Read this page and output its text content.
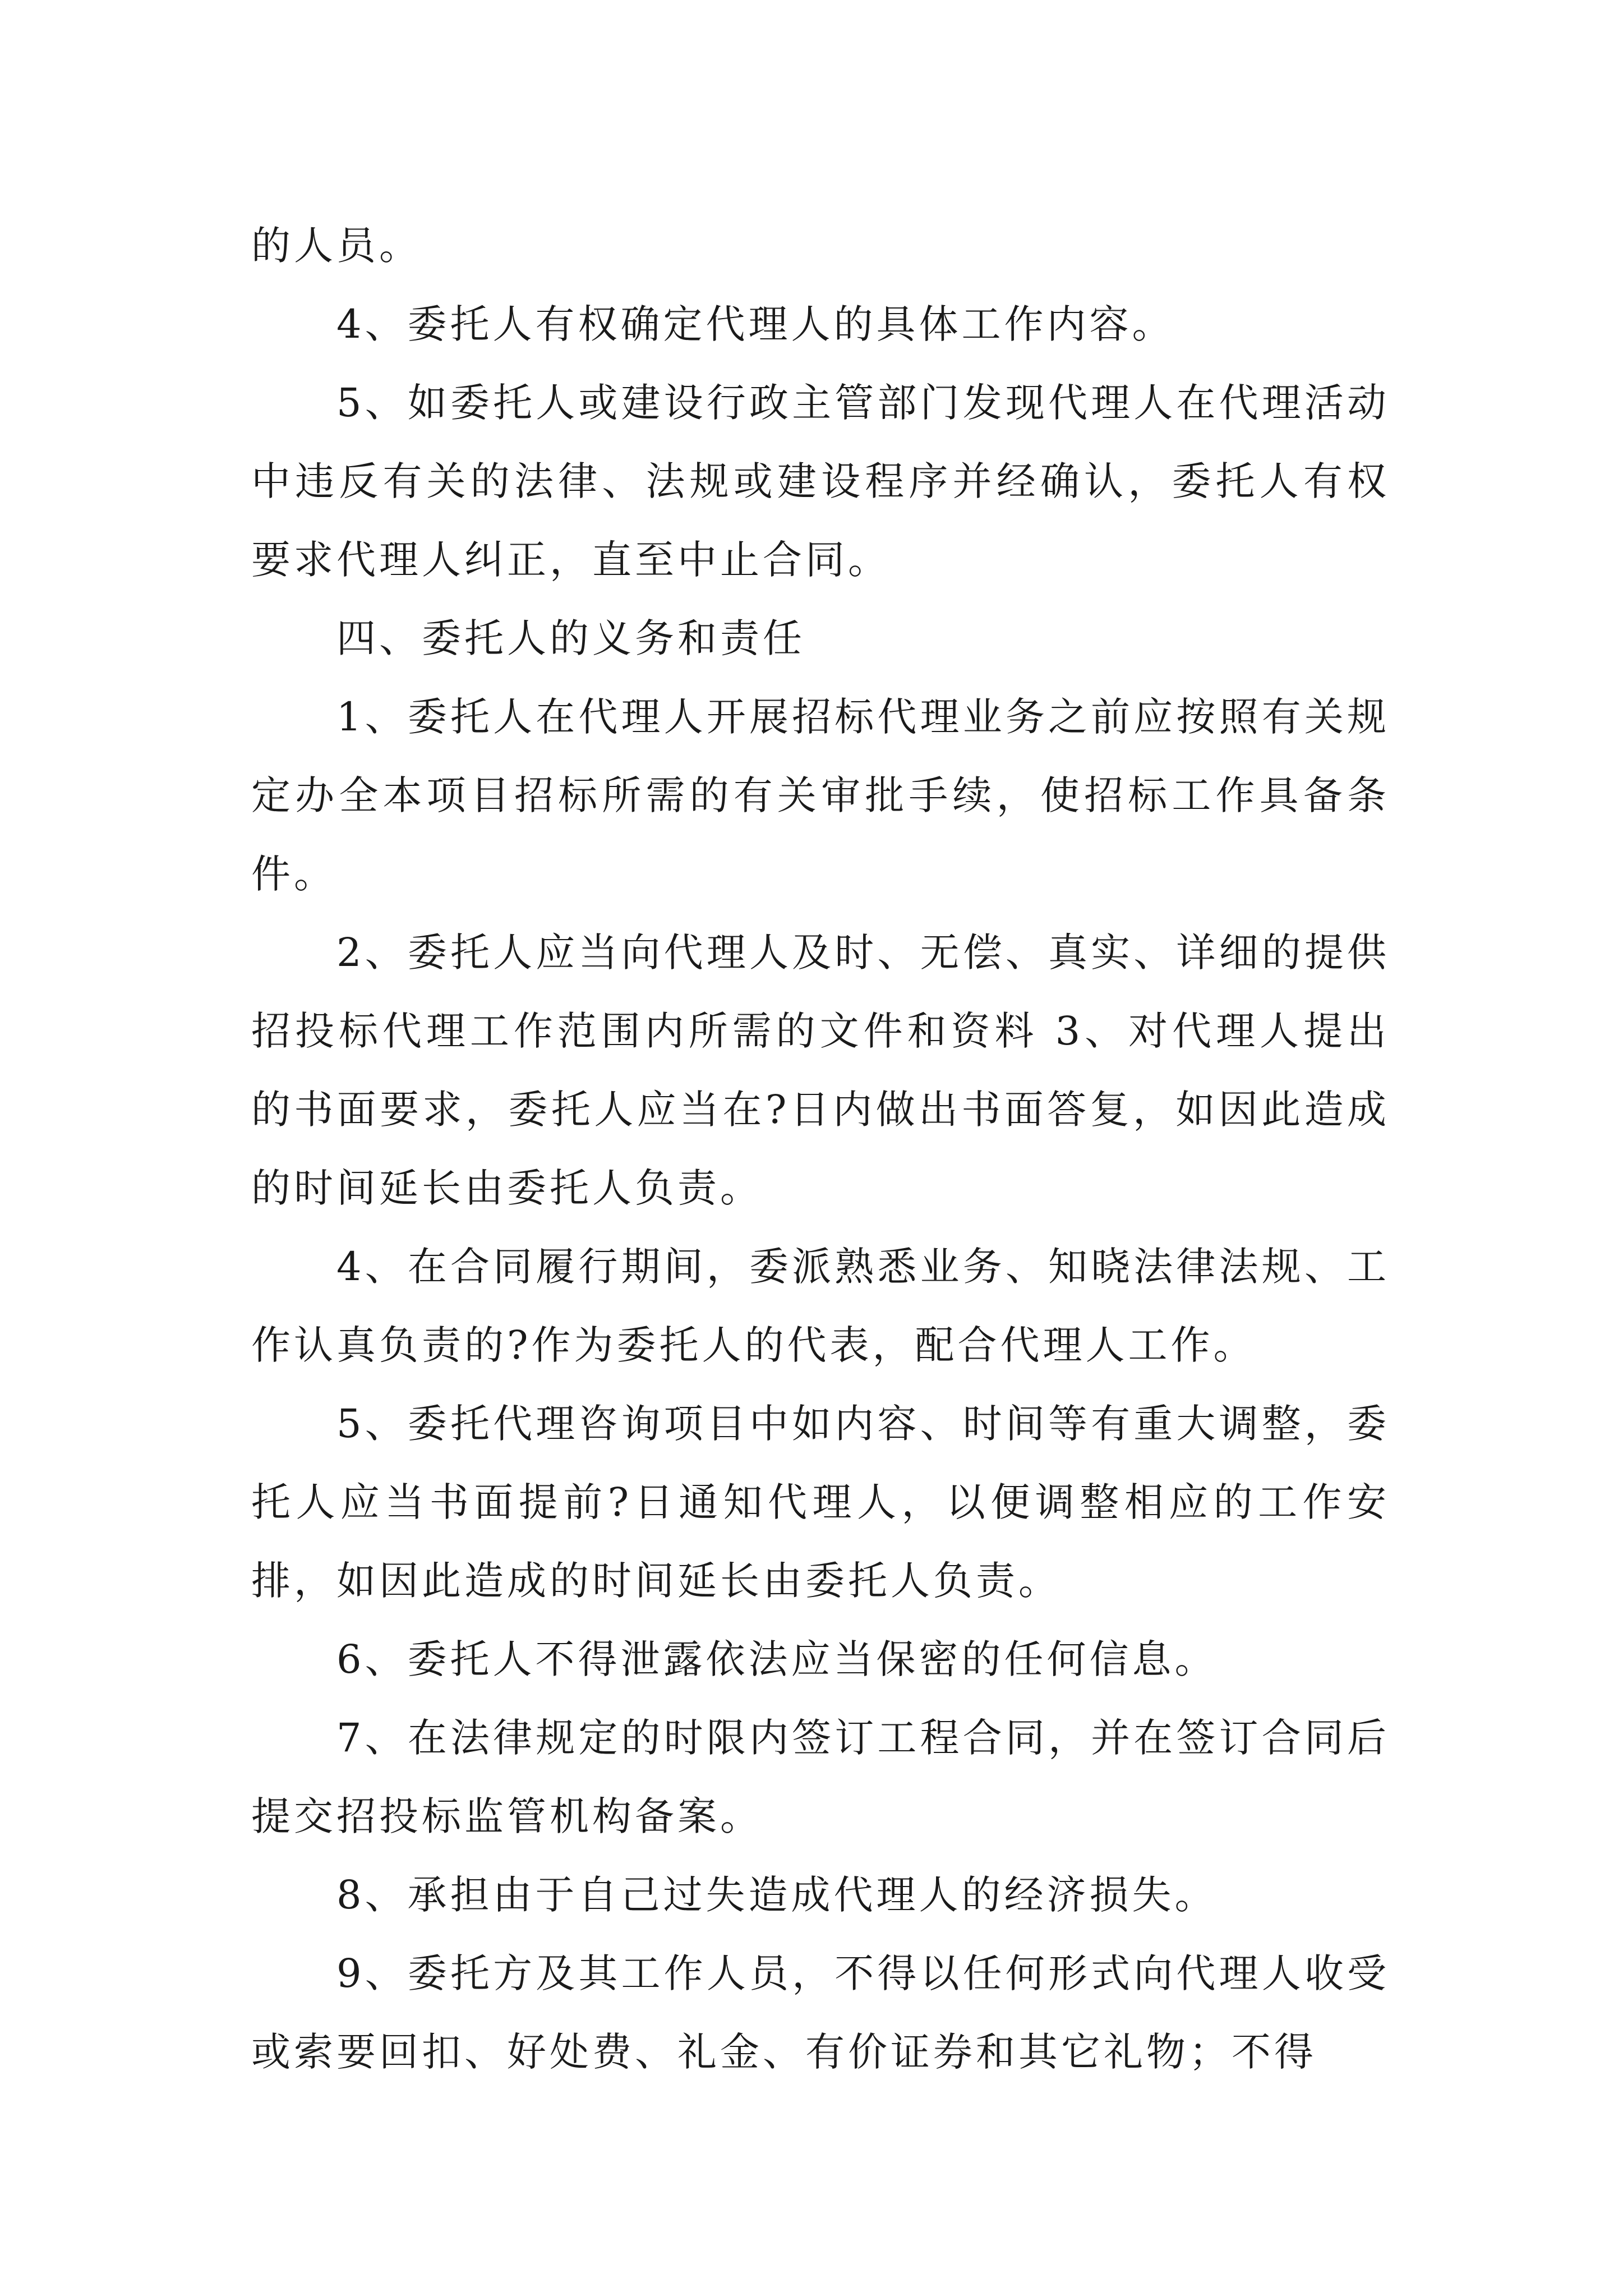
的人员。

4、委托人有权确定代理人的具体工作内容。

5、如委托人或建设行政主管部门发现代理人在代理活动中违反有关的法律、法规或建设程序并经确认，委托人有权要求代理人纠正，直至中止合同。

四、委托人的义务和责任

1、委托人在代理人开展招标代理业务之前应按照有关规定办全本项目招标所需的有关审批手续，使招标工作具备条件。

2、委托人应当向代理人及时、无偿、真实、详细的提供招投标代理工作范围内所需的文件和资料 3、对代理人提出的书面要求，委托人应当在?日内做出书面答复，如因此造成的时间延长由委托人负责。

4、在合同履行期间，委派熟悉业务、知晓法律法规、工作认真负责的?作为委托人的代表，配合代理人工作。

5、委托代理咨询项目中如内容、时间等有重大调整，委托人应当书面提前?日通知代理人，以便调整相应的工作安排，如因此造成的时间延长由委托人负责。

6、委托人不得泄露依法应当保密的任何信息。

7、在法律规定的时限内签订工程合同，并在签订合同后提交招投标监管机构备案。

8、承担由于自己过失造成代理人的经济损失。

9、委托方及其工作人员，不得以任何形式向代理人收受或索要回扣、好处费、礼金、有价证券和其它礼物；不得
